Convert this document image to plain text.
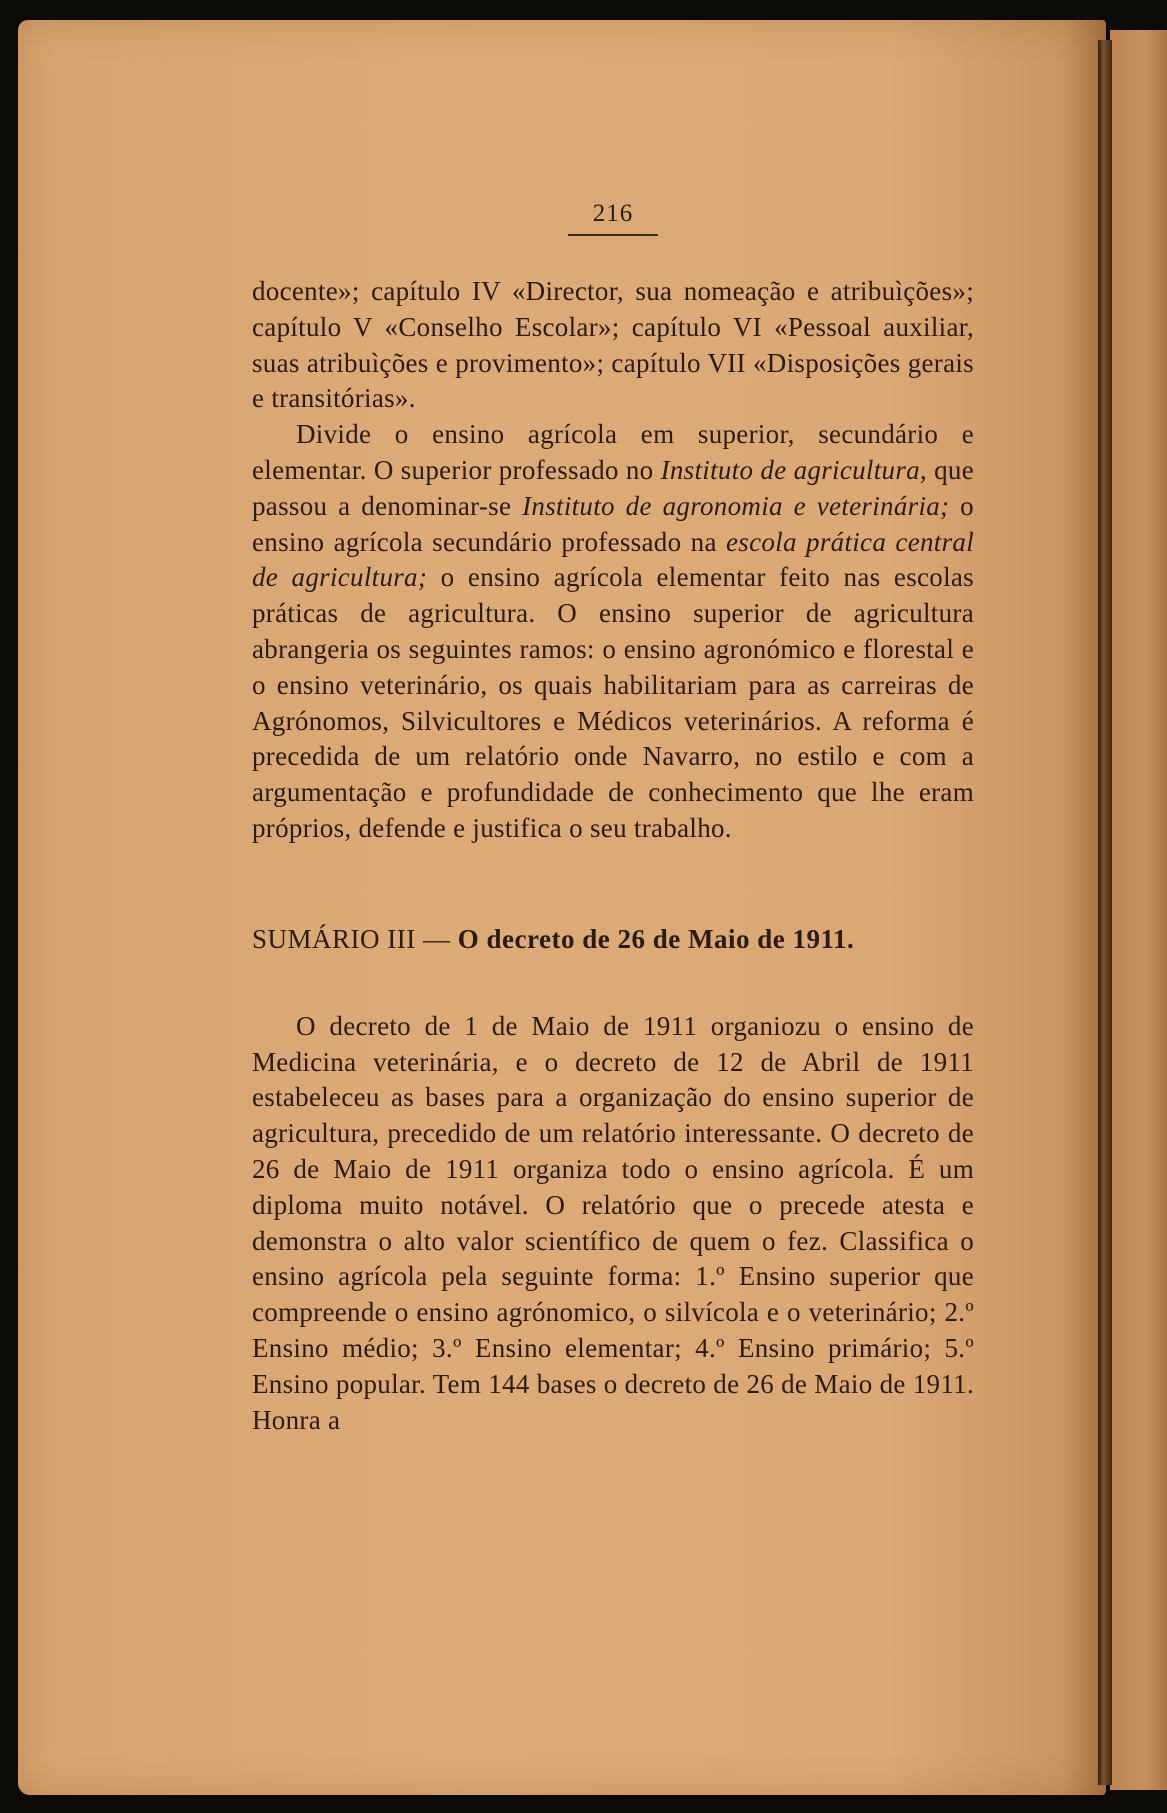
216

docente»; capítulo IV «Director, sua nomeação e atribuìções»; capítulo V «Conselho Escolar»; capítulo VI «Pessoal auxiliar, suas atribuìções e provimento»; capítulo VII «Disposições gerais e transitórias».

Divide o ensino agrícola em superior, secundário e elementar. O superior professado no Instituto de agricultura, que passou a denominar-se Instituto de agronomia e veterinária; o ensino agrícola secundário professado na escola prática central de agricultura; o ensino agrícola elementar feito nas escolas práticas de agricultura. O ensino superior de agricultura abrangeria os seguintes ramos: o ensino agronómico e florestal e o ensino veterinário, os quais habilitariam para as carreiras de Agrónomos, Silvicultores e Médicos veterinários. A reforma é precedida de um relatório onde Navarro, no estilo e com a argumentação e profundidade de conhecimento que lhe eram próprios, defende e justifica o seu trabalho.

SUMÁRIO III — O decreto de 26 de Maio de 1911.

O decreto de 1 de Maio de 1911 organiozu o ensino de Medicina veterinária, e o decreto de 12 de Abril de 1911 estabeleceu as bases para a organização do ensino superior de agricultura, precedido de um relatório interessante. O decreto de 26 de Maio de 1911 organiza todo o ensino agrícola. É um diploma muito notável. O relatório que o precede atesta e demonstra o alto valor scientífico de quem o fez. Classifica o ensino agrícola pela seguinte forma: 1.º Ensino superior que compreende o ensino agrónomico, o silvícola e o veterinário; 2.º Ensino médio; 3.º Ensino elementar; 4.º Ensino primário; 5.º Ensino popular. Tem 144 bases o decreto de 26 de Maio de 1911. Honra a
